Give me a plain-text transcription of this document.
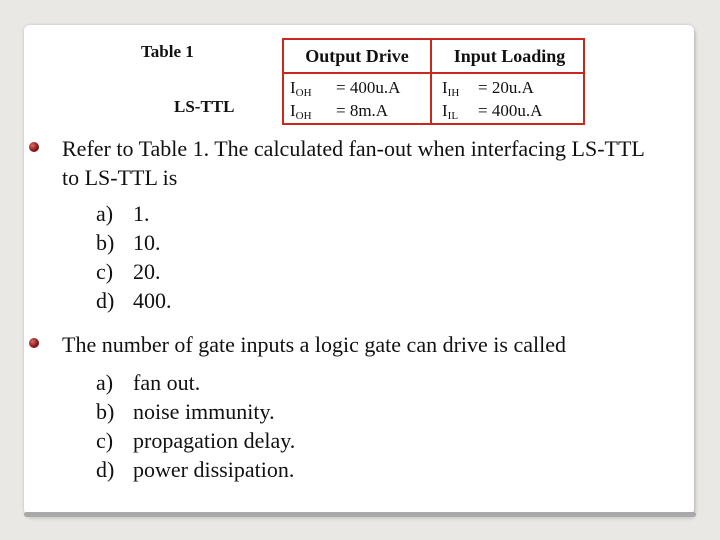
Table 1
LS-TTL
Output Drive	Input Loading
$I_{OH} = 400u.A$
$I_{OH} = 8m.A$
$I_{IH} = 20u.A$
$I_{IL} = 400u.A$
Refer to Table 1. The calculated fan-out when interfacing LS-TTL to LS-TTL is
a) 1.
b) 10.
c) 20.
d) 400.
The number of gate inputs a logic gate can drive is called
a) fan out.
b) noise immunity.
c) propagation delay.
d) power dissipation.
